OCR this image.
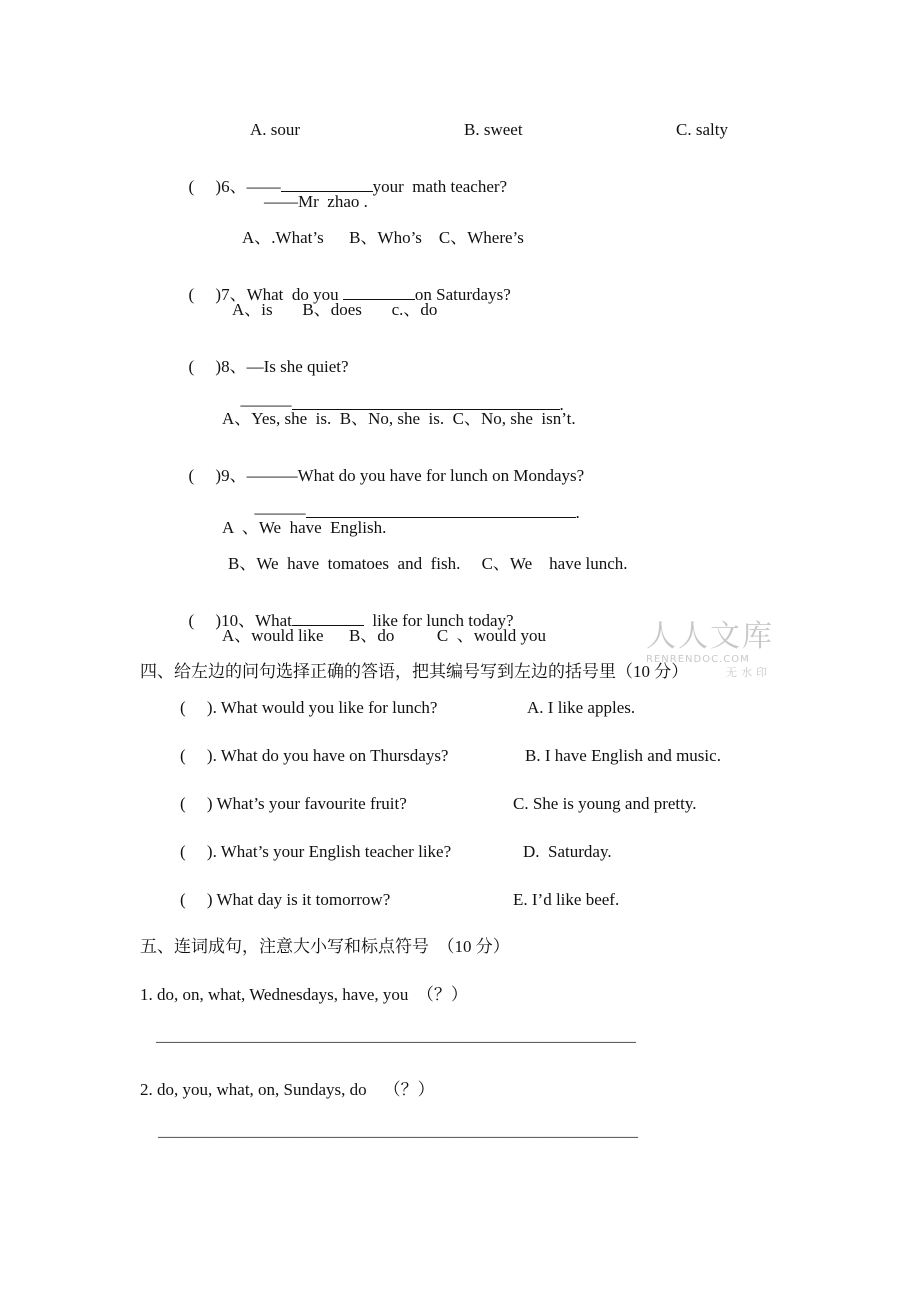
A. sour	B. sweet	C. salty

(　 )6、——	your  math teacher?

——Mr  zhao .
A、.What’s      B、Who’s    C、Where’s

(　 )7、What  do you	on Saturdays?

A、is       B、does       c.、do

(　 )8、—Is she quiet?

———	.

A、Yes, she  is.  B、No, she  is.  C、No, she  isn’t.

(　 )9、———What do you have for lunch on Mondays?

———	.

A  、We  have  English.
B、We  have  tomatoes  and  fish.     C、We    have lunch.

(　 )10、What	like for lunch today?

A、would like      B、do          C  、would you	人人文库
RENRENDOC.COM
无水印
四、给左边的问句选择正确的答语，把其编号写到左边的括号里（10 分）
(     ). What would you like for lunch?	A. I like apples.
(     ). What do you have on Thursdays?	B. I have English and music.
(     ) What’s your favourite fruit?	C. She is young and pretty.
(     ). What’s your English teacher like?	D.  Saturday.
(     ) What day is it tomorrow?	E. I’d like beef.
五、连词成句，注意大小写和标点符号  （10 分）
1. do, on, what, Wednesdays, have, you  （？）
————————————————————————————————
2. do, you, what, on, Sundays, do    （？）
————————————————————————————————
